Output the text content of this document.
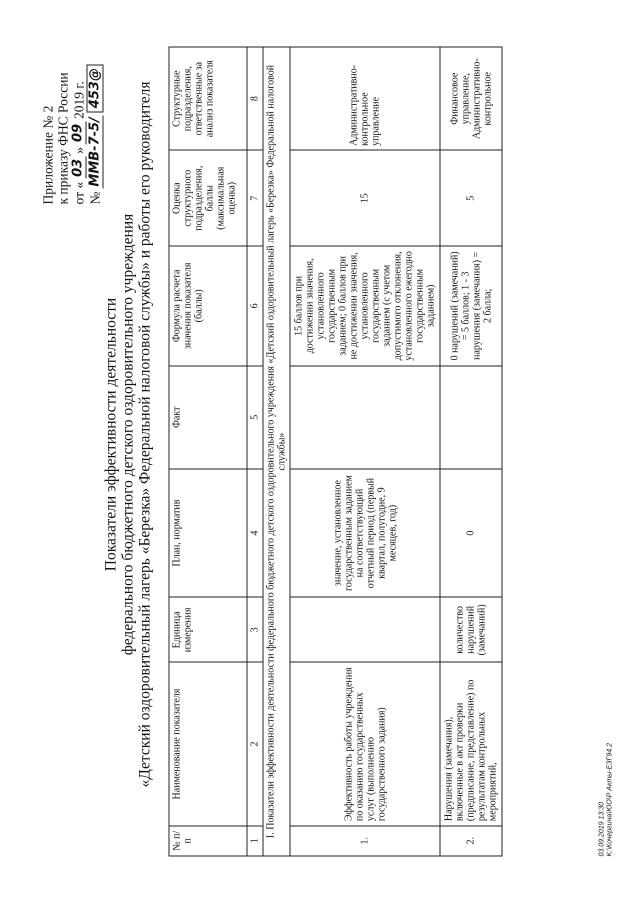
Приложение № 2 к приказу ФНС России от «
03
»
09
2019 г.
№
ММВ-7-5/
453@
Показатели эффективности деятельности федерального бюджетного детского оздоровительного учреждения «Детский оздоровительный лагерь «Березка» Федеральной налоговой службы» и работы его руководителя
№ п/п	Наименование показателя	Единица измерения	План, норматив	Факт	Формула расчета значения показателя (баллы)	Оценка структурного подразделения, баллы (максимальная оценка)	Структурные подразделения, ответственные за анализ показателя
1	2	3	4	5	6	7	8
I. Показатели эффективности деятельности федерального бюджетного детского оздоровительного учреждения «Детский оздоровительный лагерь «Березка» Федеральной налоговой службы»							
1.	Эффективность работы учреждения по оказанию государственных услуг (выполнению государственного задания)		значение, установленное государственным заданием на соответствующий отчетный период (первый квартал, полугодие, 9 месяцев, год)		15 баллов при достижении значения, установленного государственным заданием; 0 баллов при не достижении значения, установленного государственным заданием (с учетом допустимого отклонения, установленного ежегодно государственным заданием)	15	Административно-контрольное управление
2.	Нарушения (замечания), включенные в акт проверки (предписание, представление) по результатам контрольных мероприятий,	количество нарушений (замечаний)	0		0 нарушений (замечаний) = 5 баллов; 1 - 3 нарушения (замечания) = 2 балла;	5	Финансовое управление, Административно-контрольное
03.09.2019 13:30 K:\Кочергина\ЮО\Р Акты-ЕЗГ94.2
